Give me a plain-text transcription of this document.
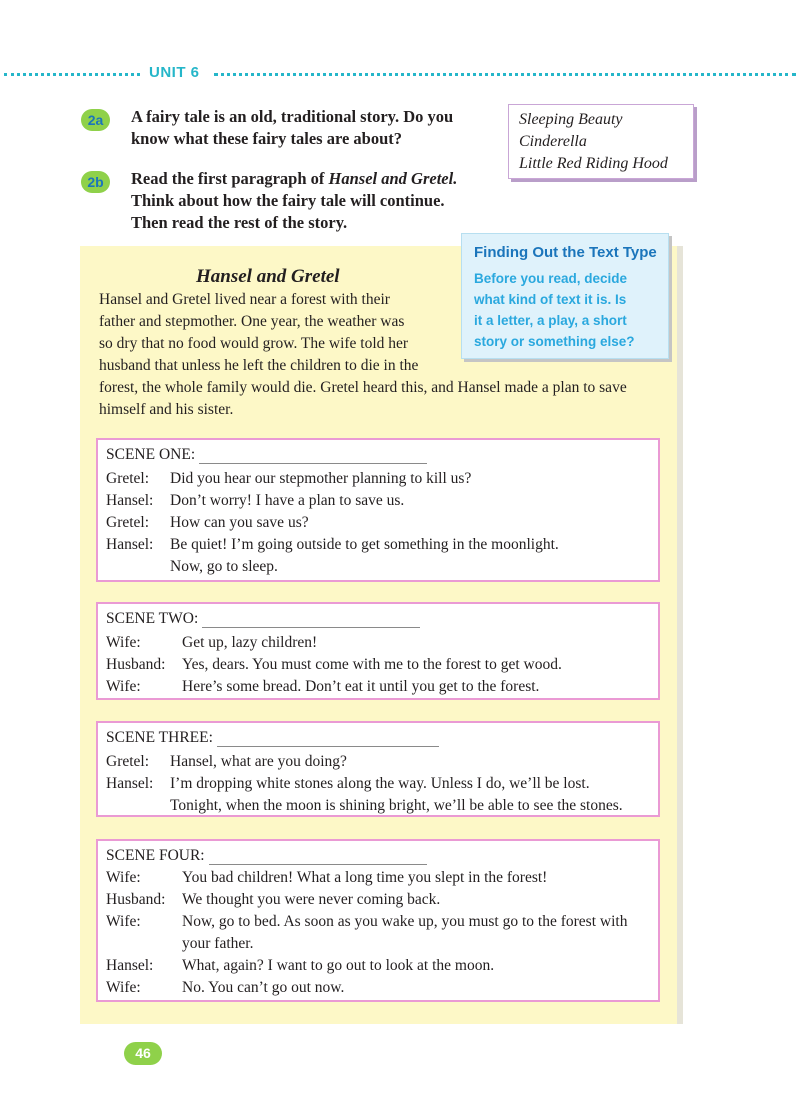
UNIT 6
2a	A fairy tale is an old, traditional story. Do you
know what these fairy tales are about?
2b	Read the first paragraph of Hansel and Gretel.
Think about how the fairy tale will continue.
Then read the rest of the story.
Sleeping Beauty
Cinderella
Little Red Riding Hood
Finding Out the Text Type
Before you read, decide
what kind of text it is. Is
it a letter, a play, a short
story or something else?
Hansel and Gretel
Hansel and Gretel lived near a forest with their
father and stepmother. One year, the weather was
so dry that no food would grow. The wife told her
husband that unless he left the children to die in the
forest, the whole family would die. Gretel heard this, and Hansel made a plan to save
himself and his sister.
SCENE ONE:
Gretel: Did you hear our stepmother planning to kill us?
Hansel: Don’t worry! I have a plan to save us.
Gretel: How can you save us?
Hansel: Be quiet! I’m going outside to get something in the moonlight.
Now, go to sleep.
SCENE TWO:
Wife:	Get up, lazy children!
Husband: Yes, dears. You must come with me to the forest to get wood.
Wife:	Here’s some bread. Don’t eat it until you get to the forest.
SCENE THREE:
Gretel: Hansel, what are you doing?
Hansel: I’m dropping white stones along the way. Unless I do, we’ll be lost.
Tonight, when the moon is shining bright, we’ll be able to see the stones.
SCENE FOUR:
Wife:	You bad children! What a long time you slept in the forest!
Husband: We thought you were never coming back.
Wife:	Now, go to bed. As soon as you wake up, you must go to the forest with
your father.
Hansel: What, again? I want to go out to look at the moon.
Wife:	No. You can’t go out now.
46
